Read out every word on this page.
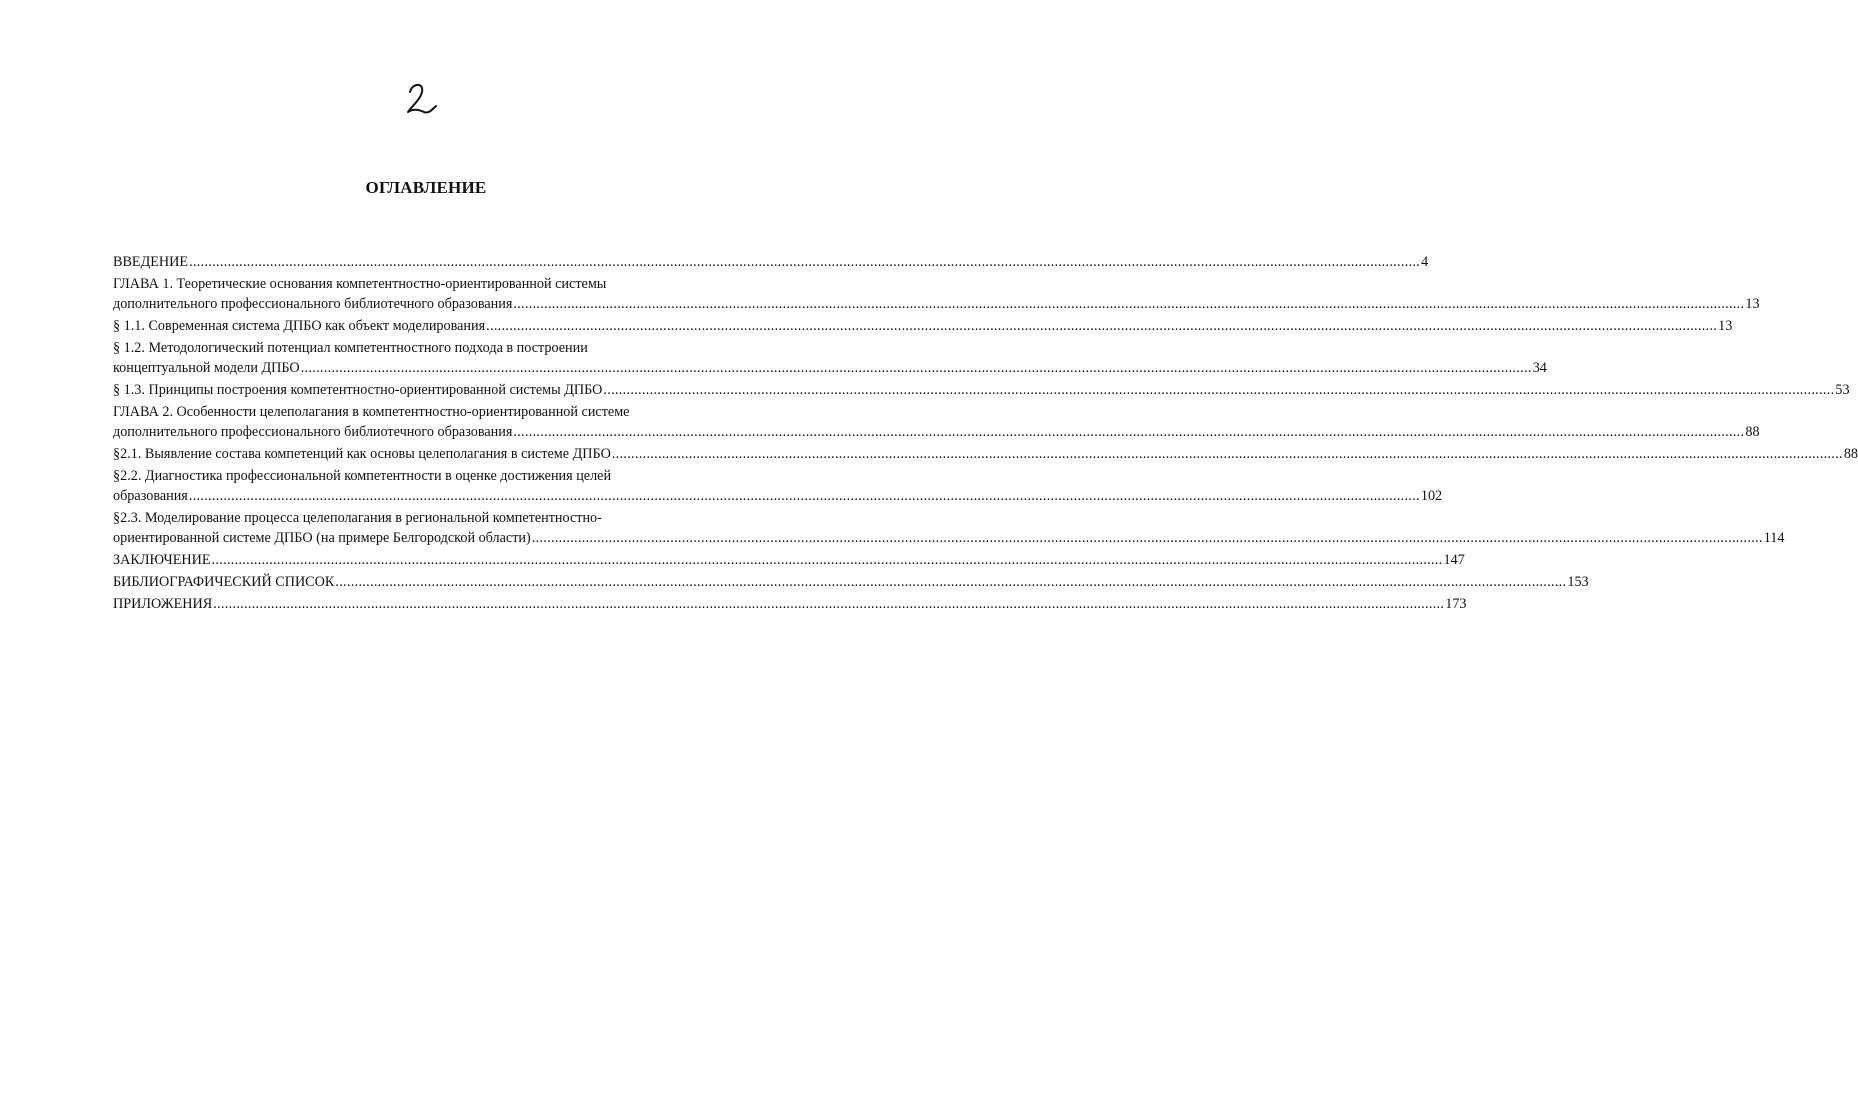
ОГЛАВЛЕНИЕ
ВВЕДЕНИЕ .....	4
ГЛАВА 1. Теоретические основания компетентностно-ориентированной системы
дополнительного профессионального библиотечного образования .....	13
§ 1.1. Современная система ДПБО как объект моделирования .....	13
§ 1.2. Методологический потенциал компетентностного подхода в построении
концептуальной модели ДПБО .....	34
§ 1.3. Принципы построения компетентностно-ориентированной системы ДПБО .....	53
ГЛАВА 2. Особенности целеполагания в компетентностно-ориентированной системе
дополнительного профессионального библиотечного образования .....	88
§2.1. Выявление состава компетенций как основы целеполагания в системе ДПБО .....	88
§2.2. Диагностика профессиональной компетентности в оценке достижения целей
образования .....	102
§2.3. Моделирование процесса целеполагания в региональной компетентностно-
ориентированной системе ДПБО (на примере Белгородской области) .....	114
ЗАКЛЮЧЕНИЕ .....	147
БИБЛИОГРАФИЧЕСКИЙ СПИСОК .....	153
ПРИЛОЖЕНИЯ .....	173
